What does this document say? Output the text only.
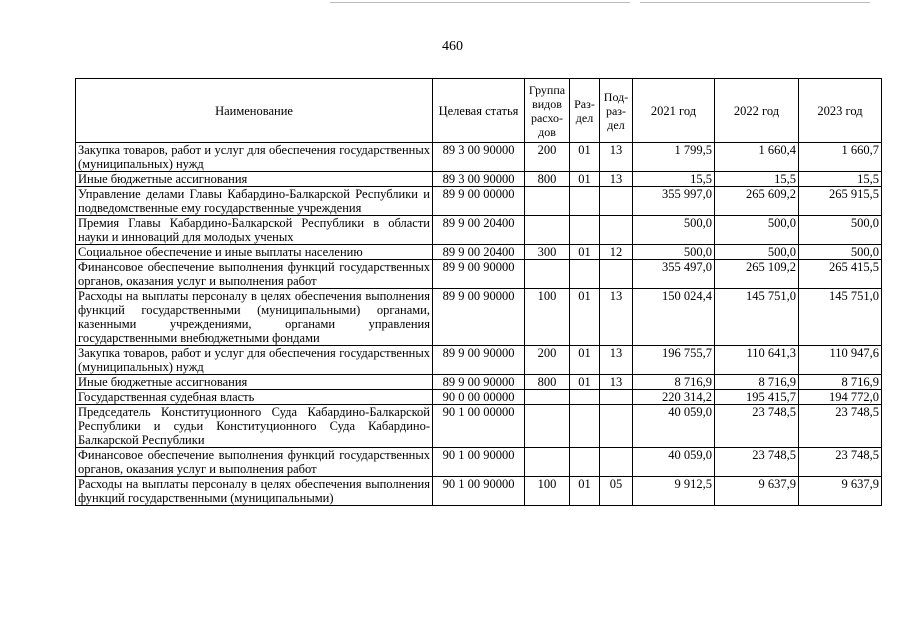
460
Наименование	Целевая статья	Группа видов расхо-дов	Раз-дел	Под-раз-дел	2021 год	2022 год	2023 год
Закупка товаров, работ и услуг для обеспечения государственных (муниципальных) нужд	89 3 00 90000	200	01	13	1 799,5	1 660,4	1 660,7
Иные бюджетные ассигнования	89 3 00 90000	800	01	13	15,5	15,5	15,5
Управление делами Главы Кабардино-Балкарской Республики и подведомственные ему государственные учреждения	89 9 00 00000				355 997,0	265 609,2	265 915,5
Премия Главы Кабардино-Балкарской Республики в области науки и инноваций для молодых ученых	89 9 00 20400				500,0	500,0	500,0
Социальное обеспечение и иные выплаты населению	89 9 00 20400	300	01	12	500,0	500,0	500,0
Финансовое обеспечение выполнения функций государственных органов, оказания услуг и выполнения работ	89 9 00 90000				355 497,0	265 109,2	265 415,5
Расходы на выплаты персоналу в целях обеспечения выполнения функций государственными (муниципальными) органами, казенными учреждениями, органами управления государственными внебюджетными фондами	89 9 00 90000	100	01	13	150 024,4	145 751,0	145 751,0
Закупка товаров, работ и услуг для обеспечения государственных (муниципальных) нужд	89 9 00 90000	200	01	13	196 755,7	110 641,3	110 947,6
Иные бюджетные ассигнования	89 9 00 90000	800	01	13	8 716,9	8 716,9	8 716,9
Государственная судебная власть	90 0 00 00000				220 314,2	195 415,7	194 772,0
Председатель Конституционного Суда Кабардино-Балкарской Республики и судьи Конституционного Суда Кабардино-Балкарской Республики	90 1 00 00000				40 059,0	23 748,5	23 748,5
Финансовое обеспечение выполнения функций государственных органов, оказания услуг и выполнения работ	90 1 00 90000				40 059,0	23 748,5	23 748,5
Расходы на выплаты персоналу в целях обеспечения выполнения функций государственными (муниципальными)	90 1 00 90000	100	01	05	9 912,5	9 637,9	9 637,9
